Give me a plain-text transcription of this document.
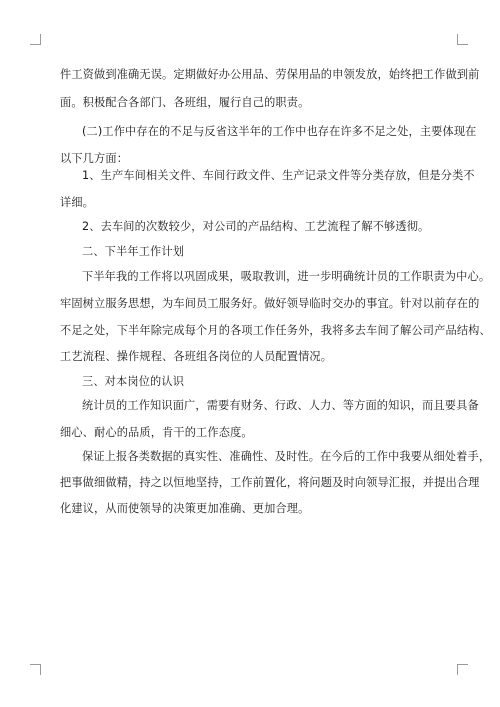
件工资做到准确无误。定期做好办公用品、劳保用品的申领发放，始终把工作做到前
面。积极配合各部门、各班组，履行自己的职责。
(二)工作中存在的不足与反省这半年的工作中也存在许多不足之处，主要体现在
以下几方面：
1、生产车间相关文件、车间行政文件、生产记录文件等分类存放，但是分类不
详细。
2、去车间的次数较少，对公司的产品结构、工艺流程了解不够透彻。
二、下半年工作计划
下半年我的工作将以巩固成果，吸取教训，进一步明确统计员的工作职责为中心。
牢固树立服务思想，为车间员工服务好。做好领导临时交办的事宜。针对以前存在的
不足之处，下半年除完成每个月的各项工作任务外，我将多去车间了解公司产品结构、
工艺流程、操作规程、各班组各岗位的人员配置情况。
三、对本岗位的认识
统计员的工作知识面广，需要有财务、行政、人力、等方面的知识，而且要具备
细心、耐心的品质，肯干的工作态度。
保证上报各类数据的真实性、准确性、及时性。在今后的工作中我要从细处着手，
把事做细做精，持之以恒地坚持，工作前置化，将问题及时向领导汇报，并提出合理
化建议，从而使领导的决策更加准确、更加合理。
